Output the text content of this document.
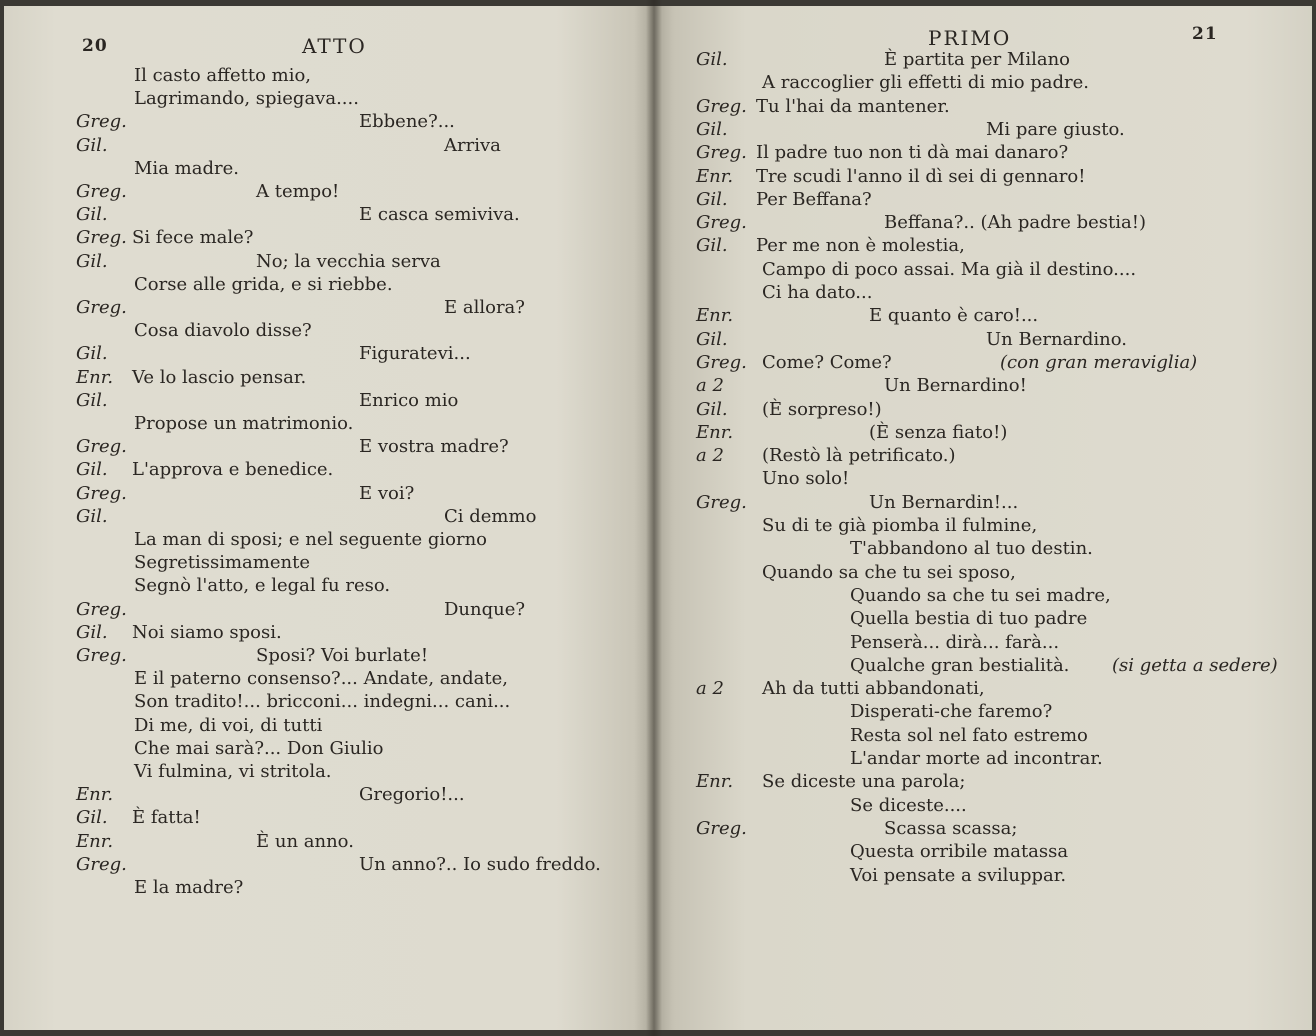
20	ATTO
Il casto affetto mio,
Lagrimando, spiegava....
Greg.	Ebbene?...
Gil.	Arriva
Mia madre.
Greg.	A tempo!
Gil.	E casca semiviva.
Greg. Si fece male?
Gil.	No; la vecchia serva
Corse alle grida, e si riebbe.
Greg.	E allora?
Cosa diavolo disse?
Gil.	Figuratevi...
Enr. Ve lo lascio pensar.
Gil.	Enrico mio
Propose un matrimonio.
Greg.	E vostra madre?
Gil. L'approva e benedice.
Greg.	E voi?
Gil.	Ci demmo
La man di sposi; e nel seguente giorno
Segretissimamente
Segnò l'atto, e legal fu reso.
Greg.	Dunque?
Gil. Noi siamo sposi.
Greg.	Sposi? Voi burlate!
E il paterno consenso?... Andate, andate,
Son tradito!... bricconi... indegni... cani...
Di me, di voi, di tutti
Che mai sarà?... Don Giulio
Vi fulmina, vi stritola.
Enr.	Gregorio!...
Gil. È fatta!
Enr.	È un anno.
Greg.	Un anno?.. Io sudo freddo.
E la madre?
PRIMO	21
Gil.	È partita per Milano
A raccoglier gli effetti di mio padre.
Greg. Tu l'hai da mantener.
Gil.	Mi pare giusto.
Greg. Il padre tuo non ti dà mai danaro?
Enr. Tre scudi l'anno il dì sei di gennaro!
Gil. Per Beffana?
Greg.	Beffana?.. (Ah padre bestia!)
Gil. Per me non è molestia,
Campo di poco assai. Ma già il destino....
Ci ha dato...
Enr.	E quanto è caro!...
Gil.	Un Bernardino.
Greg. Come? Come?	(con gran meraviglia)
a 2	Un Bernardino!
Gil. (È sorpreso!)
Enr.	(È senza fiato!)
a 2 (Restò là petrificato.)
Uno solo!
Greg.	Un Bernardin!...
Su di te già piomba il fulmine,
T'abbandono al tuo destin.
Quando sa che tu sei sposo,
Quando sa che tu sei madre,
Quella bestia di tuo padre
Penserà... dirà... farà...
Qualche gran bestialità. (si getta a sedere)
a 2 Ah da tutti abbandonati,
Disperati-che faremo?
Resta sol nel fato estremo
L'andar morte ad incontrar.
Enr. Se diceste una parola;
Se diceste....
Greg.	Scassa scassa;
Questa orribile matassa
Voi pensate a sviluppar.
